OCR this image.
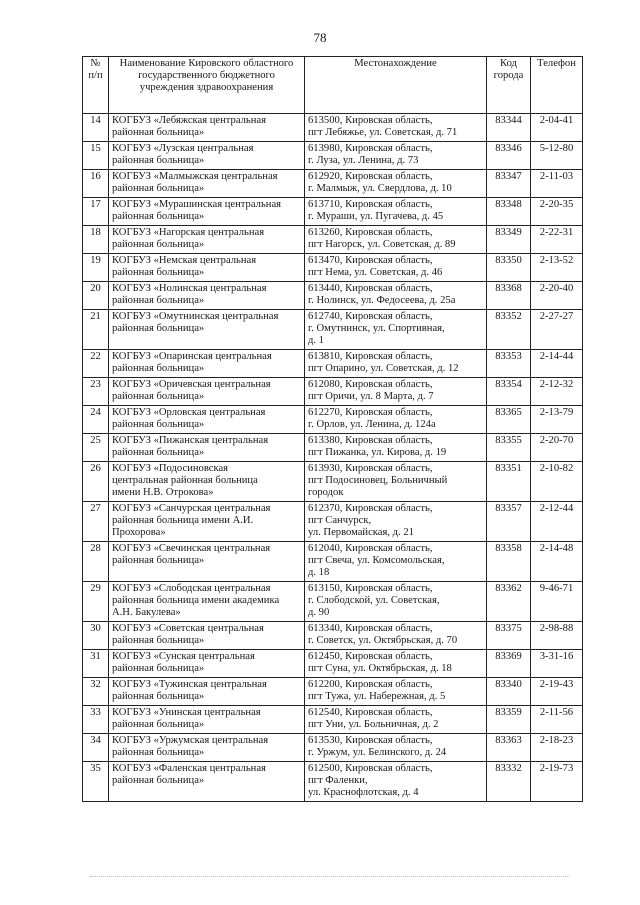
78
№
п/п	Наименование Кировского областного государственного бюджетного учреждения здравоохранения	Местонахождение	Код города	Телефон
14	КОГБУЗ «Лебяжская центральная
районная больница»	613500, Кировская область,
пгт Лебяжье, ул. Советская, д. 71	83344	2-04-41
15	КОГБУЗ «Лузская центральная
районная больница»	613980, Кировская область,
г. Луза, ул. Ленина, д. 73	83346	5-12-80
16	КОГБУЗ «Малмыжская центральная
районная больница»	612920, Кировская область,
г. Малмыж, ул. Свердлова, д. 10	83347	2-11-03
17	КОГБУЗ «Мурашинская центральная
районная больница»	613710, Кировская область,
г. Мураши, ул. Пугачева, д. 45	83348	2-20-35
18	КОГБУЗ «Нагорская центральная
районная больница»	613260, Кировская область,
пгт Нагорск, ул. Советская, д. 89	83349	2-22-31
19	КОГБУЗ «Немская центральная
районная больница»	613470, Кировская область,
пгт Нема, ул. Советская, д. 46	83350	2-13-52
20	КОГБУЗ «Нолинская центральная
районная больница»	613440, Кировская область,
г. Нолинск, ул. Федосеева, д. 25а	83368	2-20-40
21	КОГБУЗ «Омутнинская центральная
районная больница»	612740, Кировская область,
г. Омутнинск, ул. Спортивная,
д. 1	83352	2-27-27
22	КОГБУЗ «Опаринская центральная
районная больница»	613810, Кировская область,
пгт Опарино, ул. Советская, д. 12	83353	2-14-44
23	КОГБУЗ «Оричевская центральная
районная больница»	612080, Кировская область,
пгт Оричи, ул. 8 Марта, д. 7	83354	2-12-32
24	КОГБУЗ «Орловская центральная
районная больница»	612270, Кировская область,
г. Орлов, ул. Ленина, д. 124а	83365	2-13-79
25	КОГБУЗ «Пижанская центральная
районная больница»	613380, Кировская область,
пгт Пижанка, ул. Кирова, д. 19	83355	2-20-70
26	КОГБУЗ «Подосиновская
центральная районная больница
имени Н.В. Отрокова»	613930, Кировская область,
пгт Подосиновец, Больничный
городок	83351	2-10-82
27	КОГБУЗ «Санчурская центральная
районная больница имени А.И.
Прохорова»	612370, Кировская область,
пгт Санчурск,
ул. Первомайская, д. 21	83357	2-12-44
28	КОГБУЗ «Свечинская центральная
районная больница»	612040, Кировская область,
пгт Свеча, ул. Комсомольская,
д. 18	83358	2-14-48
29	КОГБУЗ «Слободская центральная
районная больница имени академика
А.Н. Бакулева»	613150, Кировская область,
г. Слободской, ул. Советская,
д. 90	83362	9-46-71
30	КОГБУЗ «Советская центральная
районная больница»	613340, Кировская область,
г. Советск, ул. Октябрьская, д. 70	83375	2-98-88
31	КОГБУЗ «Сунская центральная
районная больница»	612450, Кировская область,
пгт Суна, ул. Октябрьская, д. 18	83369	3-31-16
32	КОГБУЗ «Тужинская центральная
районная больница»	612200, Кировская область,
пгт Тужа, ул. Набережная, д. 5	83340	2-19-43
33	КОГБУЗ «Унинская центральная
районная больница»	612540, Кировская область,
пгт Уни, ул. Больничная, д. 2	83359	2-11-56
34	КОГБУЗ «Уржумская центральная
районная больница»	613530, Кировская область,
г. Уржум, ул. Белинского, д. 24	83363	2-18-23
35	КОГБУЗ «Фаленская центральная
районная больница»	612500, Кировская область,
пгт Фаленки,
ул. Краснофлотская, д. 4	83332	2-19-73
